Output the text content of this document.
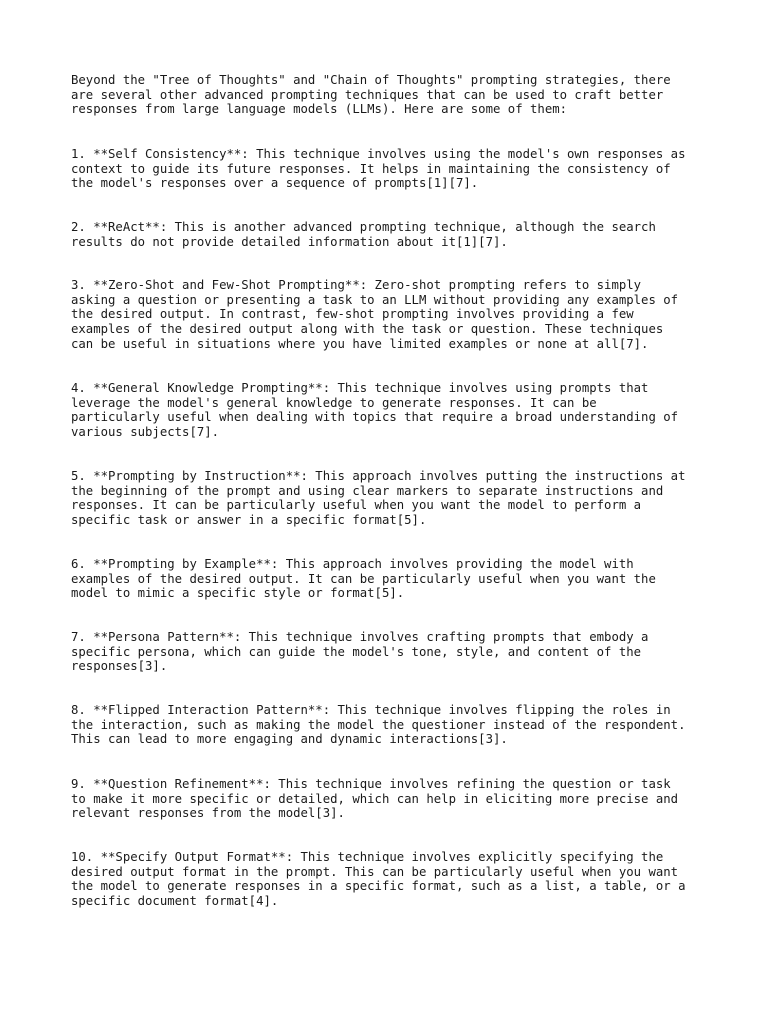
Beyond the "Tree of Thoughts" and "Chain of Thoughts" prompting strategies, there
are several other advanced prompting techniques that can be used to craft better
responses from large language models (LLMs). Here are some of them:

1. **Self Consistency**: This technique involves using the model's own responses as
context to guide its future responses. It helps in maintaining the consistency of
the model's responses over a sequence of prompts[1][7].

2. **ReAct**: This is another advanced prompting technique, although the search
results do not provide detailed information about it[1][7].

3. **Zero-Shot and Few-Shot Prompting**: Zero-shot prompting refers to simply
asking a question or presenting a task to an LLM without providing any examples of
the desired output. In contrast, few-shot prompting involves providing a few
examples of the desired output along with the task or question. These techniques
can be useful in situations where you have limited examples or none at all[7].

4. **General Knowledge Prompting**: This technique involves using prompts that
leverage the model's general knowledge to generate responses. It can be
particularly useful when dealing with topics that require a broad understanding of
various subjects[7].

5. **Prompting by Instruction**: This approach involves putting the instructions at
the beginning of the prompt and using clear markers to separate instructions and
responses. It can be particularly useful when you want the model to perform a
specific task or answer in a specific format[5].

6. **Prompting by Example**: This approach involves providing the model with
examples of the desired output. It can be particularly useful when you want the
model to mimic a specific style or format[5].

7. **Persona Pattern**: This technique involves crafting prompts that embody a
specific persona, which can guide the model's tone, style, and content of the
responses[3].

8. **Flipped Interaction Pattern**: This technique involves flipping the roles in
the interaction, such as making the model the questioner instead of the respondent.
This can lead to more engaging and dynamic interactions[3].

9. **Question Refinement**: This technique involves refining the question or task
to make it more specific or detailed, which can help in eliciting more precise and
relevant responses from the model[3].

10. **Specify Output Format**: This technique involves explicitly specifying the
desired output format in the prompt. This can be particularly useful when you want
the model to generate responses in a specific format, such as a list, a table, or a
specific document format[4].
